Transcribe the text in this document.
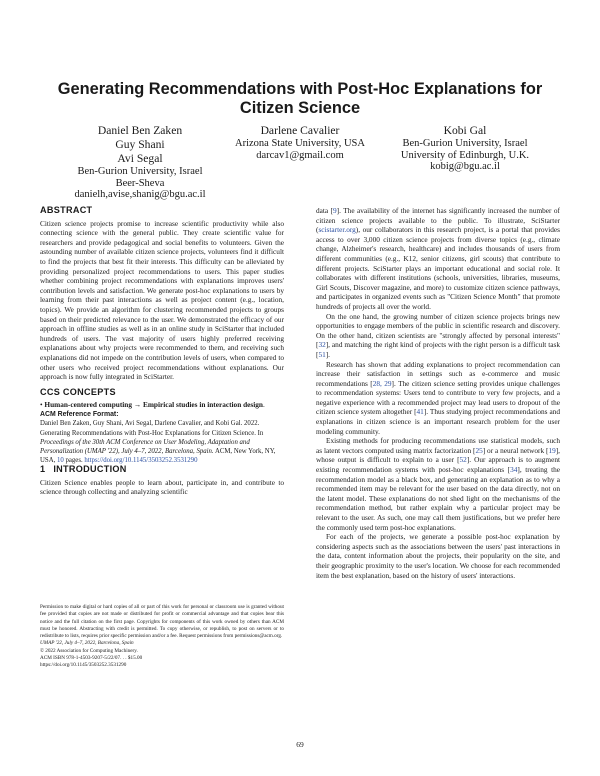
Generating Recommendations with Post-Hoc Explanations for Citizen Science
Daniel Ben Zaken
Guy Shani
Avi Segal
Ben-Gurion University, Israel
Beer-Sheva
danielh,avise,shanig@bgu.ac.il
Darlene Cavalier
Arizona State University, USA
darcav1@gmail.com
Kobi Gal
Ben-Gurion University, Israel
University of Edinburgh, U.K.
kobig@bgu.ac.il
ABSTRACT

Citizen science projects promise to increase scientific productivity while also connecting science with the general public. They create scientific value for researchers and provide pedagogical and social benefits to volunteers. Given the astounding number of available citizen science projects, volunteers find it difficult to find the projects that best fit their interests. This difficulty can be alleviated by providing personalized project recommendations to users. This paper studies whether combining project recommendations with explanations improves users' contribution levels and satisfaction. We generate post-hoc explanations to users by learning from their past interactions as well as project content (e.g., location, topics). We provide an algorithm for clustering recommended projects to groups based on their predicted relevance to the user. We demonstrated the efficacy of our approach in offline studies as well as in an online study in SciStarter that included hundreds of users. The vast majority of users highly preferred receiving explanations about why projects were recommended to them, and receiving such explanations did not impede on the contribution levels of users, when compared to other users who received project recommendations without explanations. Our approach is now fully integrated in SciStarter.

CCS CONCEPTS

• Human-centered computing → Empirical studies in interaction design.

ACM Reference Format:

Daniel Ben Zaken, Guy Shani, Avi Segal, Darlene Cavalier, and Kobi Gal. 2022. Generating Recommendations with Post-Hoc Explanations for Citizen Science. In Proceedings of the 30th ACM Conference on User Modeling, Adaptation and Personalization (UMAP '22), July 4–7, 2022, Barcelona, Spain. ACM, New York, NY, USA, 10 pages. https://doi.org/10.1145/3503252.3531290

1 INTRODUCTION

Citizen Science enables people to learn about, participate in, and contribute to science through collecting and analyzing scientific

Permission to make digital or hard copies of all or part of this work for personal or classroom use is granted without fee provided that copies are not made or distributed for profit or commercial advantage and that copies bear this notice and the full citation on the first page. Copyrights for components of this work owned by others than ACM must be honored. Abstracting with credit is permitted. To copy otherwise, or republish, to post on servers or to redistribute to lists, requires prior specific permission and/or a fee. Request permissions from permissions@acm.org.

UMAP '22, July 4–7, 2022, Barcelona, Spain

© 2022 Association for Computing Machinery.

ACM ISBN 978-1-4503-9207-5/22/07. . . $15.00

https://doi.org/10.1145/3503252.3531290

data [9]. The availability of the internet has significantly increased the number of citizen science projects available to the public. To illustrate, SciStarter (scistarter.org), our collaborators in this research project, is a portal that provides access to over 3,000 citizen science projects from diverse topics (e.g., climate change, Alzheimer's research, healthcare) and includes thousands of users from different communities (e.g., K12, senior citizens, girl scouts) that contribute to different projects. SciStarter plays an important educational and social role. It collaborates with different institutions (schools, universities, libraries, museums, Girl Scouts, Discover magazine, and more) to customize citizen science pathways, and participates in organized events such as "Citizen Science Month" that promote hundreds of projects all over the world.

On the one hand, the growing number of citizen science projects brings new opportunities to engage members of the public in scientific research and discovery. On the other hand, citizen scientists are "strongly affected by personal interests" [32], and matching the right kind of projects with the right person is a difficult task [51].

Research has shown that adding explanations to project recommendation can increase their satisfaction in settings such as e-commerce and music recommendations [28, 29]. The citizen science setting provides unique challenges to recommendation systems: Users tend to contribute to very few projects, and a negative experience with a recommended project may lead users to dropout of the citizen science system altogether [41]. Thus studying project recommendations and explanations in citizen science is an important research problem for the user modeling community.

Existing methods for producing recommendations use statistical models, such as latent vectors computed using matrix factorization [25] or a neural network [19], whose output is difficult to explain to a user [52]. Our approach is to augment existing recommendation systems with post-hoc explanations [34], treating the recommendation model as a black box, and generating an explanation as to why a recommended item may be relevant for the user based on the data directly, not on the latent model. These explanations do not shed light on the mechanisms of the recommendation method, but rather explain why a particular project may be relevant to the user. As such, one may call them justifications, but we prefer here the commonly used term post-hoc explanations.

For each of the projects, we generate a possible post-hoc explanation by considering aspects such as the associations between the users' past interactions in the data, content information about the projects, their popularity on the site, and their geographic proximity to the user's location. We choose for each recommended item the best explanation, based on the history of users' interactions.

69
